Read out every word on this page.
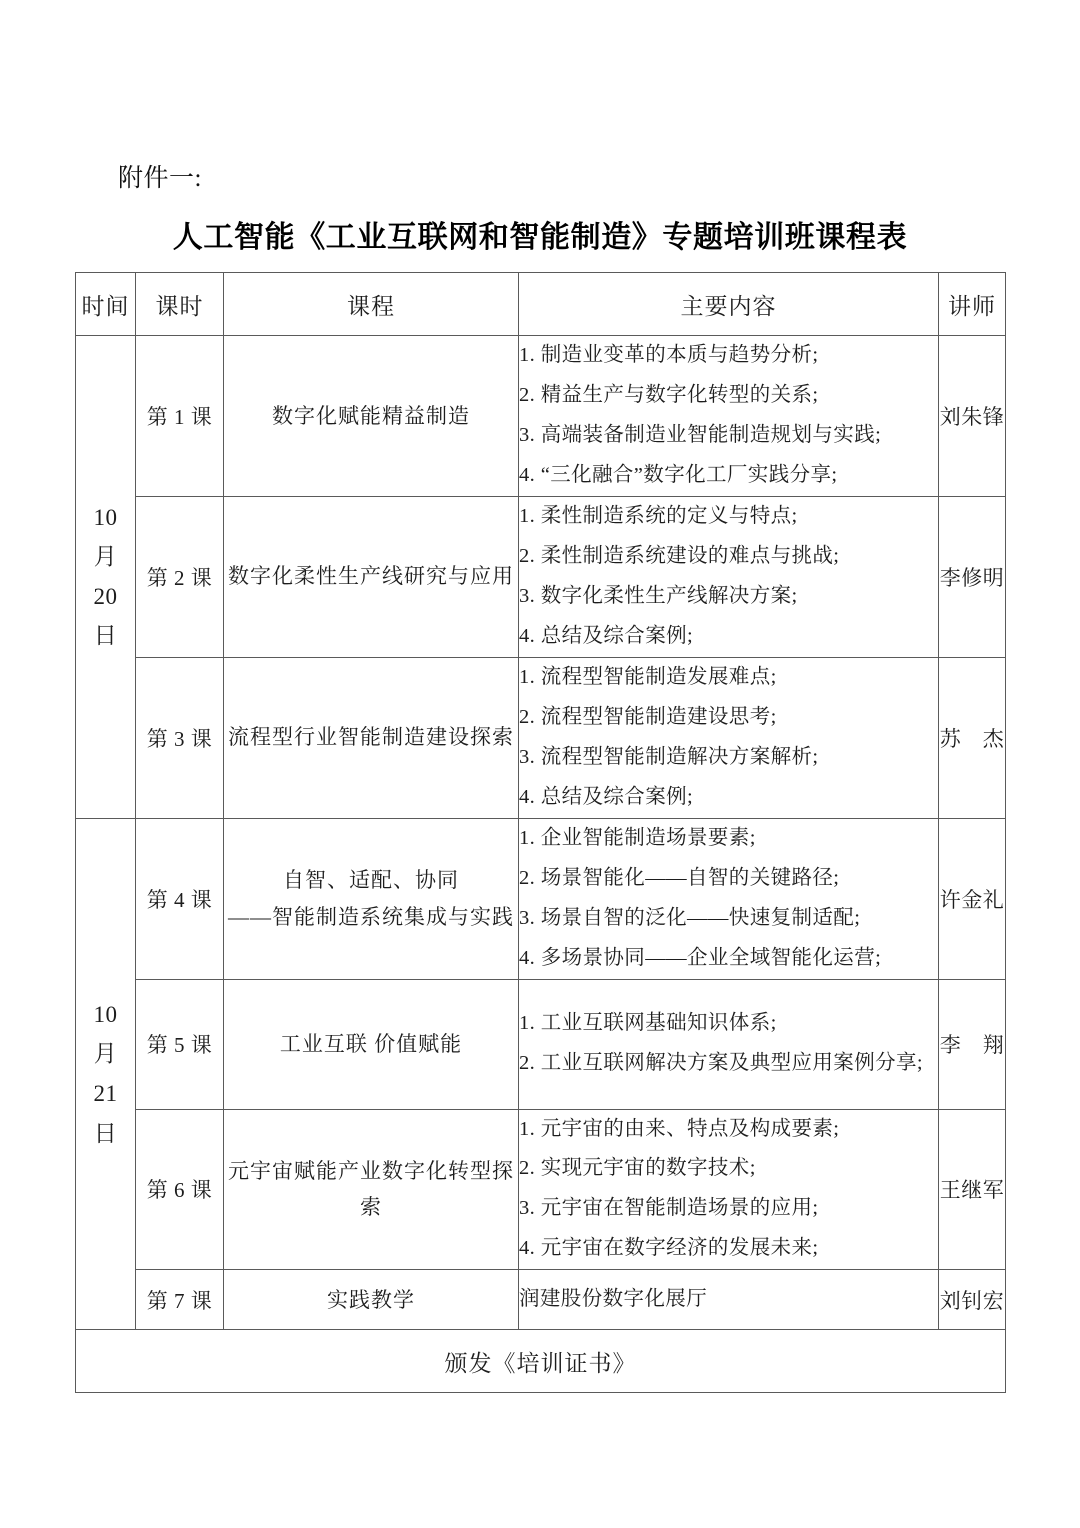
附件一:
人工智能《工业互联网和智能制造》专题培训班课程表
时间	课时	课程	主要内容	讲师

10
月
20
日	第 1 课	数字化赋能精益制造	1. 制造业变革的本质与趋势分析;
2. 精益生产与数字化转型的关系;
3. 高端装备制造业智能制造规划与实践;
4. “三化融合”数字化工厂实践分享;	刘朱锋
	第 2 课	数字化柔性生产线研究与应用	1. 柔性制造系统的定义与特点;
2. 柔性制造系统建设的难点与挑战;
3. 数字化柔性生产线解决方案;
4. 总结及综合案例;	李修明
	第 3 课	流程型行业智能制造建设探索	1. 流程型智能制造发展难点;
2. 流程型智能制造建设思考;
3. 流程型智能制造解决方案解析;
4. 总结及综合案例;	苏　杰

10
月
21
日	第 4 课	自智、适配、协同
——智能制造系统集成与实践	1. 企业智能制造场景要素;
2. 场景智能化——自智的关键路径;
3. 场景自智的泛化——快速复制适配;
4. 多场景协同——企业全域智能化运营;	许金礼
	第 5 课	工业互联 价值赋能	1. 工业互联网基础知识体系;
2. 工业互联网解决方案及典型应用案例分享;	李　翔
	第 6 课	元宇宙赋能产业数字化转型探索	1. 元宇宙的由来、特点及构成要素;
2. 实现元宇宙的数字技术;
3. 元宇宙在智能制造场景的应用;
4. 元宇宙在数字经济的发展未来;	王继军
	第 7 课	实践教学	润建股份数字化展厅	刘钊宏
颁发《培训证书》				
